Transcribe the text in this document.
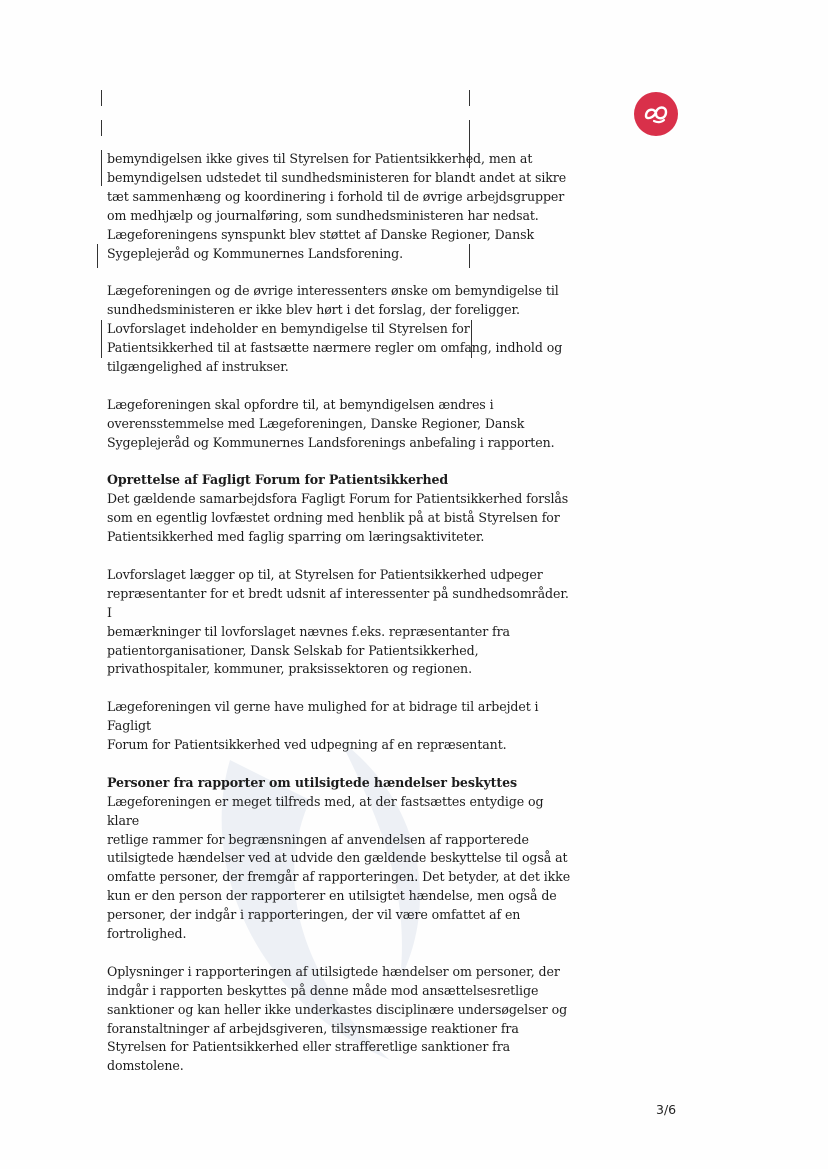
bemyndigelsen ikke gives til Styrelsen for Patientsikkerhed, men at
bemyndigelsen udstedet til sundhedsministeren for blandt andet at sikre
tæt sammenhæng og koordinering i forhold til de øvrige arbejdsgrupper
om medhjælp og journalføring, som sundhedsministeren har nedsat.
Lægeforeningens synspunkt blev støttet af Danske Regioner, Dansk
Sygeplejeråd og Kommunernes Landsforening.

Lægeforeningen og de øvrige interessenters ønske om bemyndigelse til
sundhedsministeren er ikke blev hørt i det forslag, der foreligger.
Lovforslaget indeholder en bemyndigelse til Styrelsen for
Patientsikkerhed til at fastsætte nærmere regler om omfang, indhold og
tilgængelighed af instrukser.

Lægeforeningen skal opfordre til, at bemyndigelsen ændres i
overensstemmelse med Lægeforeningen, Danske Regioner, Dansk
Sygeplejeråd og Kommunernes Landsforenings anbefaling i rapporten.

Oprettelse af Fagligt Forum for Patientsikkerhed
Det gældende samarbejdsfora Fagligt Forum for Patientsikkerhed forslås
som en egentlig lovfæstet ordning med henblik på at bistå Styrelsen for
Patientsikkerhed med faglig sparring om læringsaktiviteter.

Lovforslaget lægger op til, at Styrelsen for Patientsikkerhed udpeger
repræsentanter for et bredt udsnit af interessenter på sundhedsområder. I
bemærkninger til lovforslaget nævnes f.eks. repræsentanter fra
patientorganisationer, Dansk Selskab for Patientsikkerhed,
privathospitaler, kommuner, praksissektoren og regionen.

Lægeforeningen vil gerne have mulighed for at bidrage til arbejdet i Fagligt
Forum for Patientsikkerhed ved udpegning af en repræsentant.

Personer fra rapporter om utilsigtede hændelser beskyttes
Lægeforeningen er meget tilfreds med, at der fastsættes entydige og klare
retlige rammer for begrænsningen af anvendelsen af rapporterede
utilsigtede hændelser ved at udvide den gældende beskyttelse til også at
omfatte personer, der fremgår af rapporteringen. Det betyder, at det ikke
kun er den person der rapporterer en utilsigtet hændelse, men også de
personer, der indgår i rapporteringen, der vil være omfattet af en
fortrolighed.

Oplysninger i rapporteringen af utilsigtede hændelser om personer, der
indgår i rapporten beskyttes på denne måde mod ansættelsesretlige
sanktioner og kan heller ikke underkastes disciplinære undersøgelser og
foranstaltninger af arbejdsgiveren, tilsynsmæssige reaktioner fra
Styrelsen for Patientsikkerhed eller strafferetlige sanktioner fra
domstolene.

3/6
